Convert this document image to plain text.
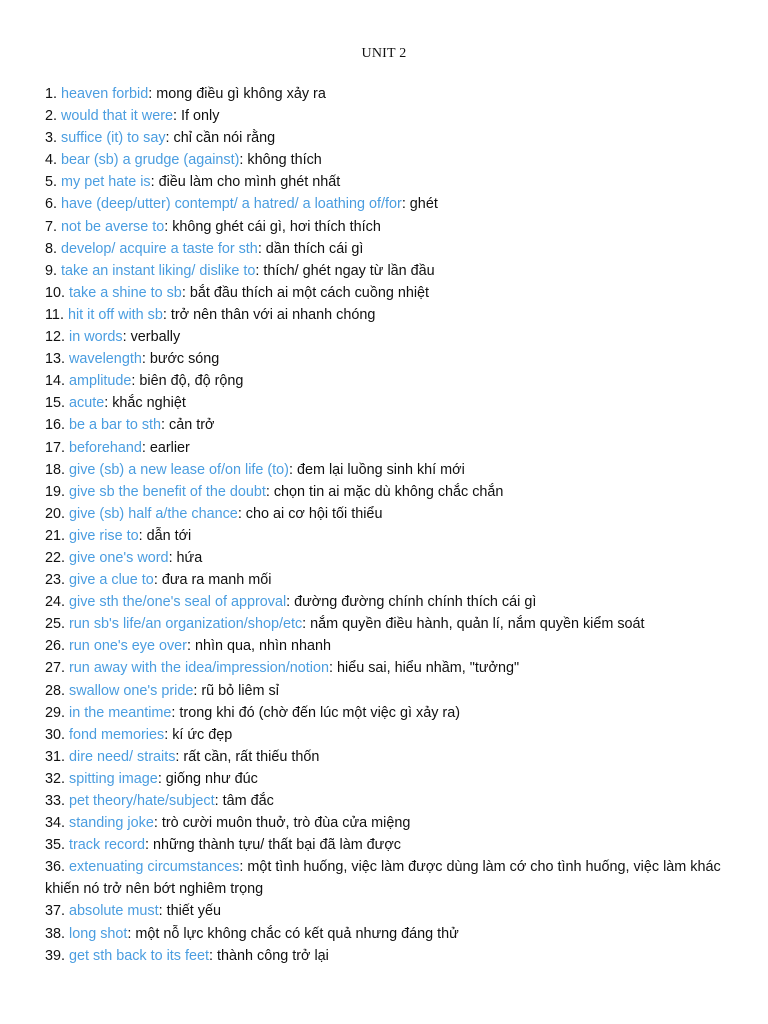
UNIT 2
1. heaven forbid: mong điều gì không xảy ra
2. would that it were: If only
3. suffice (it) to say: chỉ cần nói rằng
4. bear (sb) a grudge (against): không thích
5. my pet hate is: điều làm cho mình ghét nhất
6. have (deep/utter) contempt/ a hatred/ a loathing of/for: ghét
7. not be averse to: không ghét cái gì, hơi thích thích
8. develop/ acquire a taste for sth: dần thích cái gì
9. take an instant liking/ dislike to: thích/ ghét ngay từ lần đầu
10. take a shine to sb: bắt đầu thích ai một cách cuồng nhiệt
11. hit it off with sb: trở nên thân với ai nhanh chóng
12. in words: verbally
13. wavelength: bước sóng
14. amplitude: biên độ, độ rộng
15. acute: khắc nghiệt
16. be a bar to sth: cản trở
17. beforehand: earlier
18. give (sb) a new lease of/on life (to): đem lại luồng sinh khí mới
19. give sb the benefit of the doubt: chọn tin ai mặc dù không chắc chắn
20. give (sb) half a/the chance: cho ai cơ hội tối thiểu
21. give rise to: dẫn tới
22. give one's word: hứa
23. give a clue to: đưa ra manh mối
24. give sth the/one's seal of approval: đường đường chính chính thích cái gì
25. run sb's life/an organization/shop/etc: nắm quyền điều hành, quản lí, nắm quyền kiểm soát
26. run one's eye over: nhìn qua, nhìn nhanh
27. run away with the idea/impression/notion: hiểu sai, hiểu nhầm, "tưởng"
28. swallow one's pride: rũ bỏ liêm sỉ
29. in the meantime: trong khi đó (chờ đến lúc một việc gì xảy ra)
30. fond memories: kí ức đẹp
31. dire need/ straits: rất cần, rất thiếu thốn
32. spitting image: giống như đúc
33. pet theory/hate/subject: tâm đắc
34. standing joke: trò cười muôn thuở, trò đùa cửa miệng
35. track record: những thành tựu/ thất bại đã làm được
36. extenuating circumstances: một tình huống, việc làm được dùng làm cớ cho tình huống, việc làm khác khiến nó trở nên bớt nghiêm trọng
37. absolute must: thiết yếu
38. long shot: một nỗ lực không chắc có kết quả nhưng đáng thử
39. get sth back to its feet: thành công trở lại
